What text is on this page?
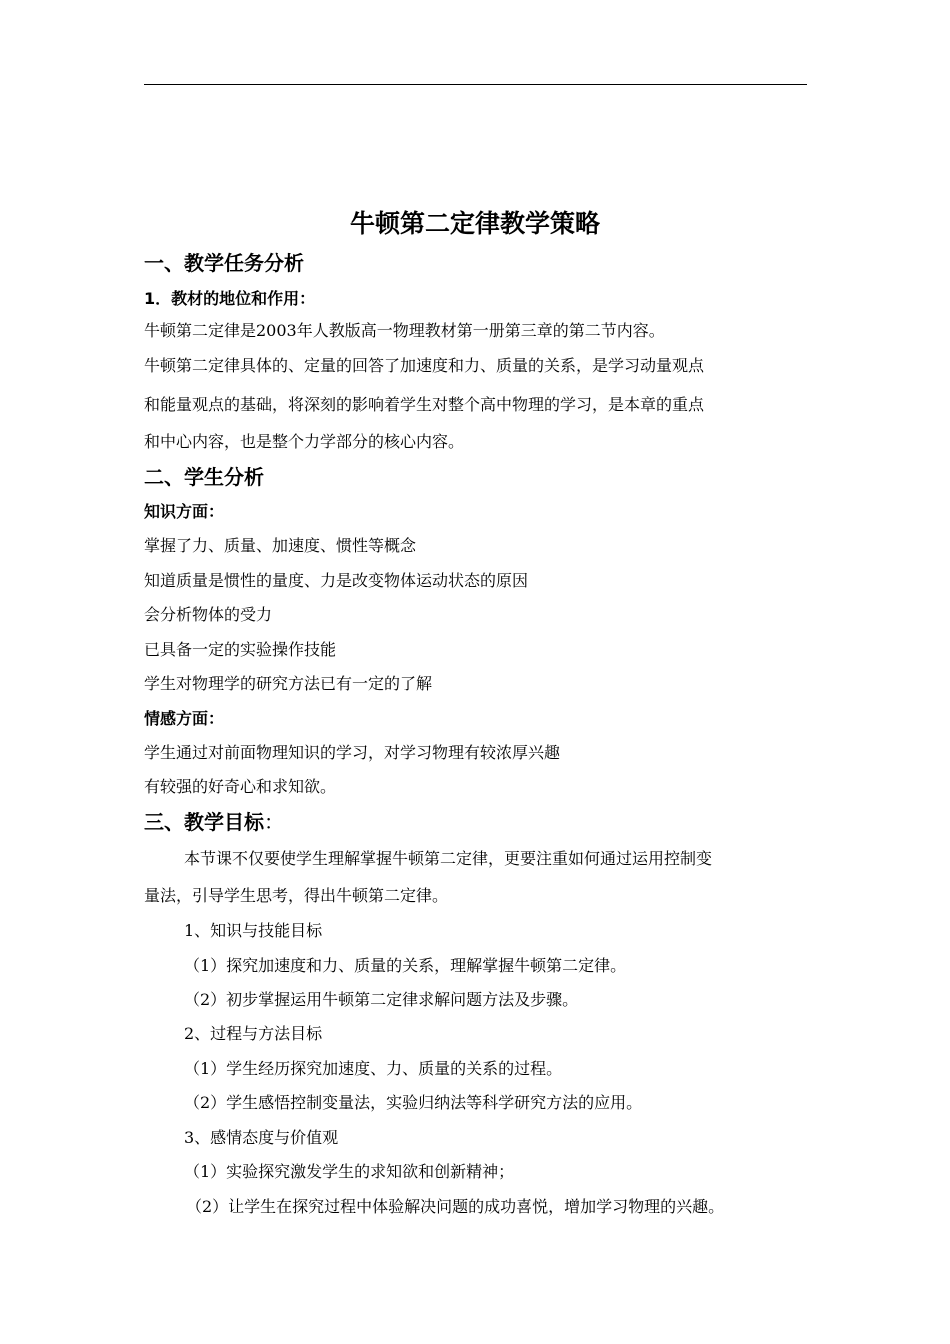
牛顿第二定律教学策略
一、教学任务分析
1．教材的地位和作用：
牛顿第二定律是2003年人教版高一物理教材第一册第三章的第二节内容。
牛顿第二定律具体的、定量的回答了加速度和力、质量的关系，是学习动量观点
和能量观点的基础，将深刻的影响着学生对整个高中物理的学习，是本章的重点
和中心内容，也是整个力学部分的核心内容。
二、学生分析
知识方面：
掌握了力、质量、加速度、惯性等概念
知道质量是惯性的量度、力是改变物体运动状态的原因
会分析物体的受力
已具备一定的实验操作技能
学生对物理学的研究方法已有一定的了解
情感方面：
学生通过对前面物理知识的学习，对学习物理有较浓厚兴趣
有较强的好奇心和求知欲。
三、教学目标：
本节课不仅要使学生理解掌握牛顿第二定律，更要注重如何通过运用控制变
量法，引导学生思考，得出牛顿第二定律。
1、知识与技能目标
（1）探究加速度和力、质量的关系，理解掌握牛顿第二定律。
（2）初步掌握运用牛顿第二定律求解问题方法及步骤。
2、过程与方法目标
（1）学生经历探究加速度、力、质量的关系的过程。
（2）学生感悟控制变量法，实验归纳法等科学研究方法的应用。
3、感情态度与价值观
（1）实验探究激发学生的求知欲和创新精神；
（2）让学生在探究过程中体验解决问题的成功喜悦，增加学习物理的兴趣。
